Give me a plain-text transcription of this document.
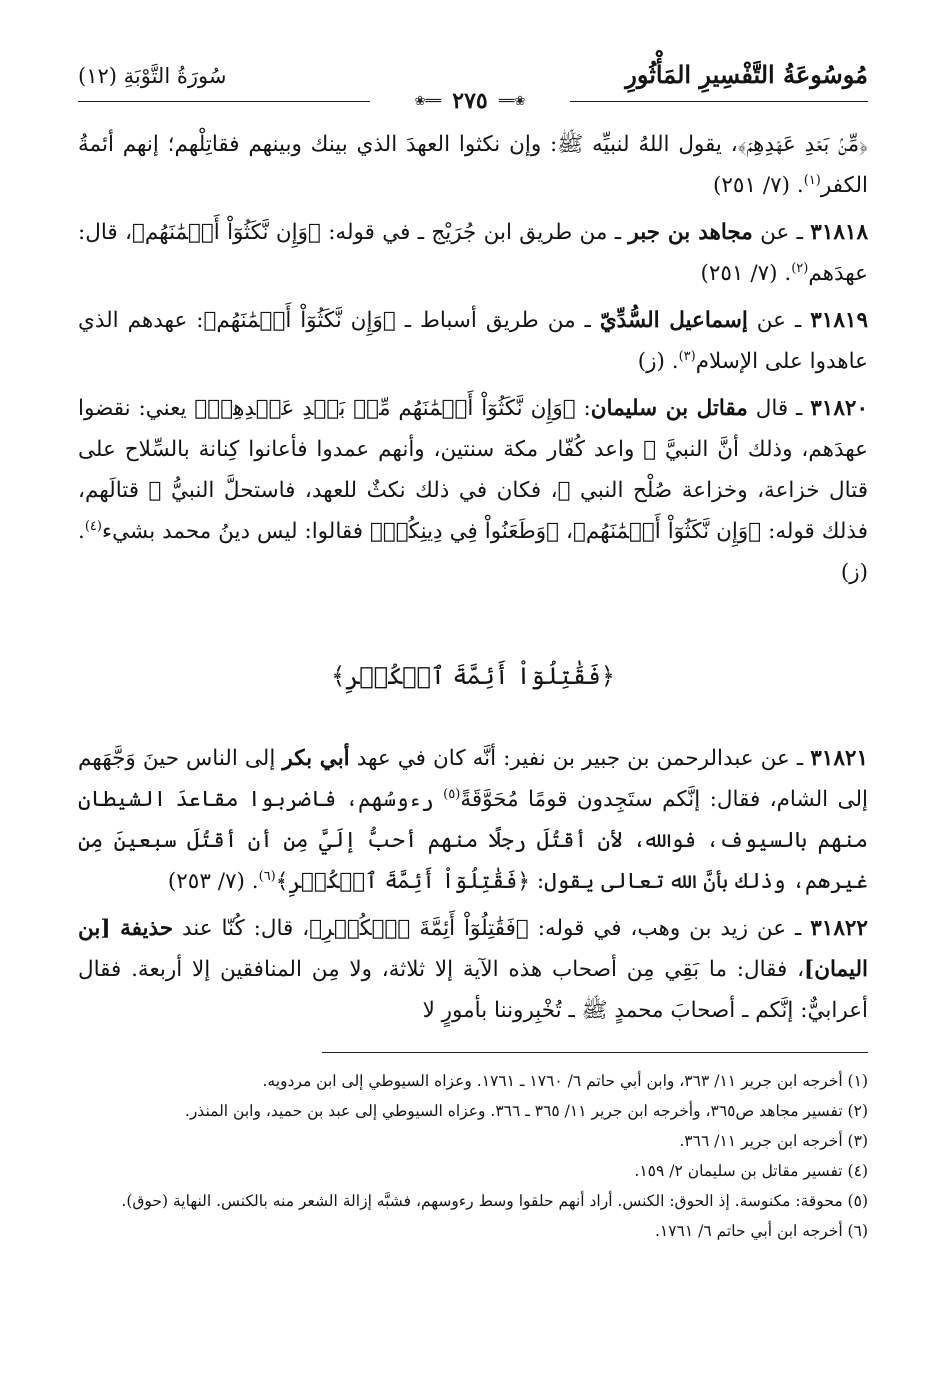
مُوسُوعَةُ التَّفْسِيرِ المَأْثُورِ
سُورَةُ التَّوْبَةِ (١٢)
❀══ ٢٧٥ ══❀

﴿مِّنۢ بَعۡدِ عَهۡدِهِمۡ﴾، يقول اللهُ لنبيِّه ﷺ: وإن نكثوا العهدَ الذي بينك وبينهم فقاتِلْهم؛ إنهم أئمةُ الكفر$^{(١)}$. (٧/ ٢٥١)

٣١٨١٨ ـ عن مجاهد بن جبر ـ من طريق ابن جُرَيْج ـ في قوله: ﴿وَإِن نَّكَثُوٓاْ أَيۡمَٰنَهُم﴾، قال: عهدَهم$^{(٢)}$. (٧/ ٢٥١)

٣١٨١٩ ـ عن إسماعيل السُّدِّيّ ـ من طريق أسباط ـ ﴿وَإِن نَّكَثُوٓاْ أَيۡمَٰنَهُم﴾: عهدهم الذي عاهدوا على الإسلام$^{(٣)}$. (ز)

٣١٨٢٠ ـ قال مقاتل بن سليمان: ﴿وَإِن نَّكَثُوٓاْ أَيۡمَٰنَهُم مِّنۢ بَعۡدِ عَهۡدِهِمۡ﴾ يعني: نقضوا عهدَهم، وذلك أنَّ النبيَّ ﷺ واعد كُفّار مكة سنتين، وأنهم عمدوا فأعانوا كِنانة بالسِّلاح على قتال خزاعة، وخزاعة صُلْح النبي ﷺ، فكان في ذلك نكثٌ للعهد، فاستحلَّ النبيُّ ﷺ قتالَهم، فذلك قوله: ﴿وَإِن نَّكَثُوٓاْ أَيۡمَٰنَهُم﴾، ﴿وَطَعَنُواْ فِي دِينِكُمۡ﴾ فقالوا: ليس دينُ محمد بشيء$^{(٤)}$. (ز)

﴿فَقَٰتِلُوٓاْ أَئِمَّةَ ٱلۡكُفۡرِ﴾

٣١٨٢١ ـ عن عبدالرحمن بن جبير بن نفير: أنَّه كان في عهد أبي بكر إلى الناس حينَ وَجَّهَهم إلى الشام، فقال: إنَّكم ستَجِدون قومًا مُحَوَّقَةً$^{(٥)}$ رءوسُهم، فاضربوا مقاعدَ الشيطان منهم بالسيوف، فوالله، لأن أقتُلَ رجلًا منهم أحبُّ إلَيَّ مِن أن أقتُلَ سبعينَ مِن غيرهم، وذلك بأنَّ الله تعالى يقول: ﴿فَقَٰتِلُوٓاْ أَئِمَّةَ ٱلۡكُفۡرِ﴾$^{(٦)}$. (٧/ ٢٥٣)

٣١٨٢٢ ـ عن زيد بن وهب، في قوله: ﴿فَقَٰتِلُوٓاْ أَئِمَّةَ ٱلۡكُفۡرِ﴾، قال: كُنّا عند حذيفة [بن اليمان]، فقال: ما بَقِي مِن أصحاب هذه الآية إلا ثلاثة، ولا مِن المنافقين إلا أربعة. فقال أعرابيٌّ: إنَّكم ـ أصحابَ محمدٍ ﷺ ـ تُخْبِروننا بأمورٍ لا

(١) أخرجه ابن جرير ١١/ ٣٦٣، وابن أبي حاتم ٦/ ١٧٦٠ ـ ١٧٦١. وعزاه السيوطي إلى ابن مردويه.

(٢) تفسير مجاهد ص٣٦٥، وأخرجه ابن جرير ١١/ ٣٦٥ ـ ٣٦٦. وعزاه السيوطي إلى عبد بن حميد، وابن المنذر.

(٣) أخرجه ابن جرير ١١/ ٣٦٦.

(٤) تفسير مقاتل بن سليمان ٢/ ١٥٩.

(٥) محوقة: مكنوسة. إذ الحوق: الكنس. أراد أنهم حلقوا وسط رءوسهم، فشبَّه إزالة الشعر منه بالكنس. النهاية (حوق).

(٦) أخرجه ابن أبي حاتم ٦/ ١٧٦١.
